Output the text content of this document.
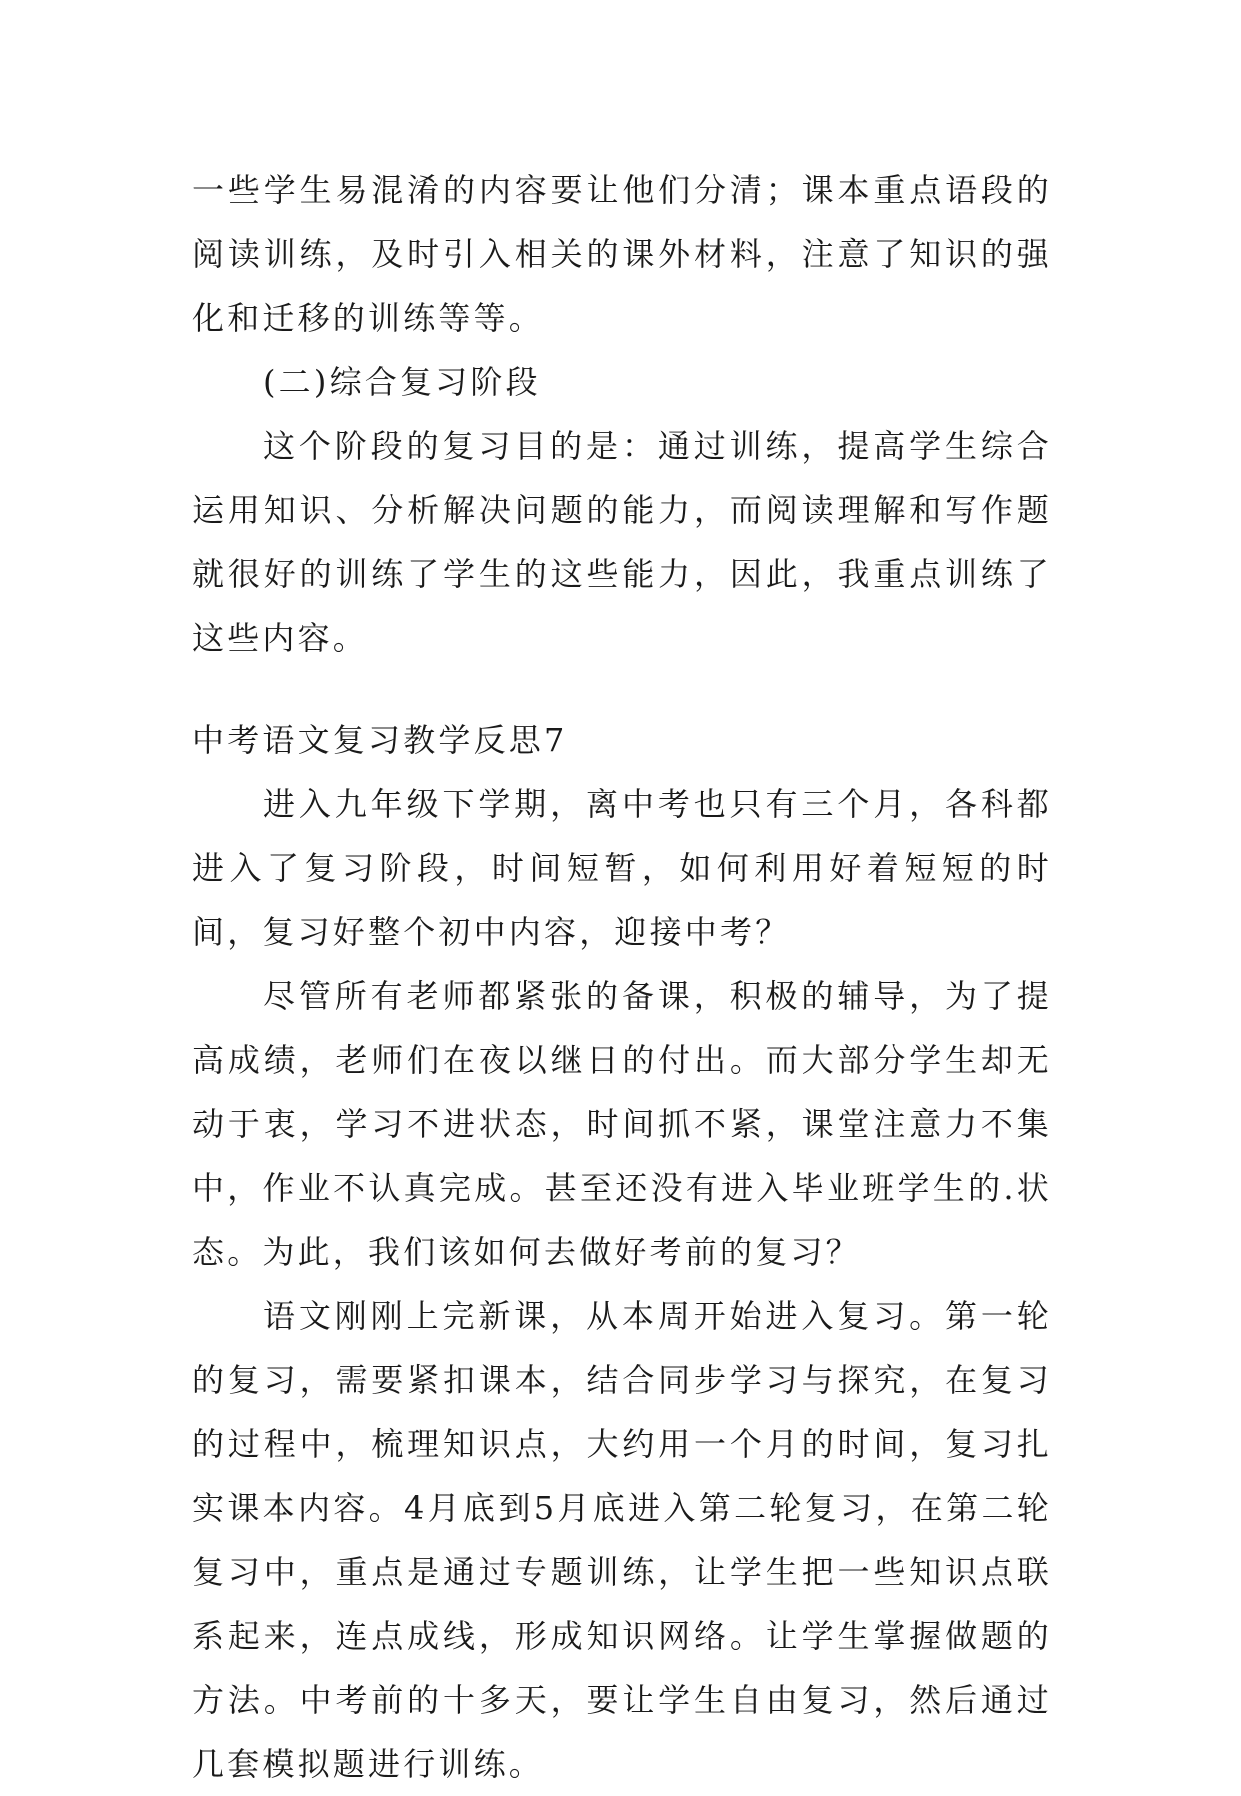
一些学生易混淆的内容要让他们分清；课本重点语段的阅读训练，及时引入相关的课外材料，注意了知识的强化和迁移的训练等等。

(二)综合复习阶段

这个阶段的复习目的是：通过训练，提高学生综合运用知识、分析解决问题的能力，而阅读理解和写作题就很好的训练了学生的这些能力，因此，我重点训练了这些内容。

中考语文复习教学反思7

进入九年级下学期，离中考也只有三个月，各科都进入了复习阶段，时间短暂，如何利用好着短短的时间，复习好整个初中内容，迎接中考？

尽管所有老师都紧张的备课，积极的辅导，为了提高成绩，老师们在夜以继日的付出。而大部分学生却无动于衷，学习不进状态，时间抓不紧，课堂注意力不集中，作业不认真完成。甚至还没有进入毕业班学生的.状态。为此，我们该如何去做好考前的复习？

语文刚刚上完新课，从本周开始进入复习。第一轮的复习，需要紧扣课本，结合同步学习与探究，在复习的过程中，梳理知识点，大约用一个月的时间，复习扎实课本内容。4月底到5月底进入第二轮复习，在第二轮复习中，重点是通过专题训练，让学生把一些知识点联系起来，连点成线，形成知识网络。让学生掌握做题的方法。中考前的十多天，要让学生自由复习，然后通过几套模拟题进行训练。
